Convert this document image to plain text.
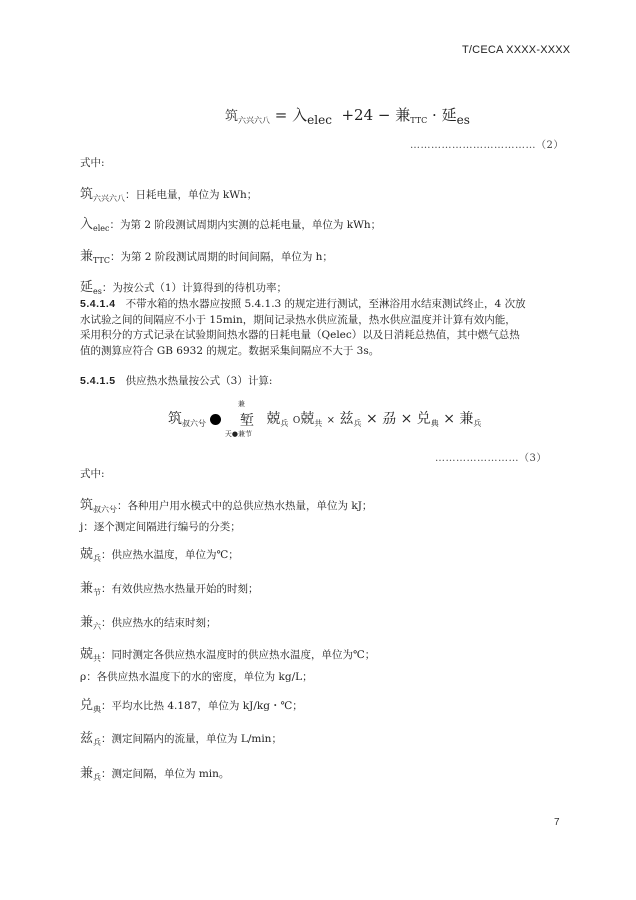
T/CECA XXXX-XXXX
筑$_{六兴六八}$ = 入$_{elec}$ +24 − 兼$_{TTC}$ · 延$_{es}$
………………………………（2）
式中:
筑$_{六兴六八}$：日耗电量，单位为 kWh；
入$_{elec}$：为第 2 阶段测试周期内实测的总耗电量，单位为 kWh；
兼$_{TTC}$：为第 2 阶段测试周期的时间间隔，单位为 h；
延$_{es}$：为按公式（1）计算得到的待机功率；
5.4.1.4 不带水箱的热水器应按照 5.4.1.3 的规定进行测试，至淋浴用水结束测试终止，4 次放
水试验之间的间隔应不小于 15min，期间记录热水供应流量，热水供应温度并计算有效内能，
采用积分的方式记录在试验期间热水器的日耗电量（Qelec）以及日消耗总热值，其中燃气总热
值的测算应符合 GB 6932 的规定。数据采集间隔应不大于 3s。
5.4.1.5 供应热水热量按公式（3）计算:
筑$_{叔六兮}$
兼
堑
天●兼节
兢$_兵$ O兢$_共$ × 兹$_兵$ × 刕 × 兑$_典$ × 兼$_兵$
……………………（3）
式中:
筑$_{叔六兮}$：各种用户用水模式中的总供应热水热量，单位为 kJ；
j：逐个测定间隔进行编号的分类；
兢$_兵$：供应热水温度，单位为℃；
兼$_节$：有效供应热水热量开始的时刻；
兼$_六$：供应热水的结束时刻；
兢$_共$：同时测定各供应热水温度时的供应热水温度，单位为℃；
ρ：各供应热水温度下的水的密度，单位为 kg/L；
兑$_典$：平均水比热 4.187，单位为 kJ/kg・℃；
兹$_兵$：测定间隔内的流量，单位为 L/min；
兼$_兵$：测定间隔，单位为 min。
7
